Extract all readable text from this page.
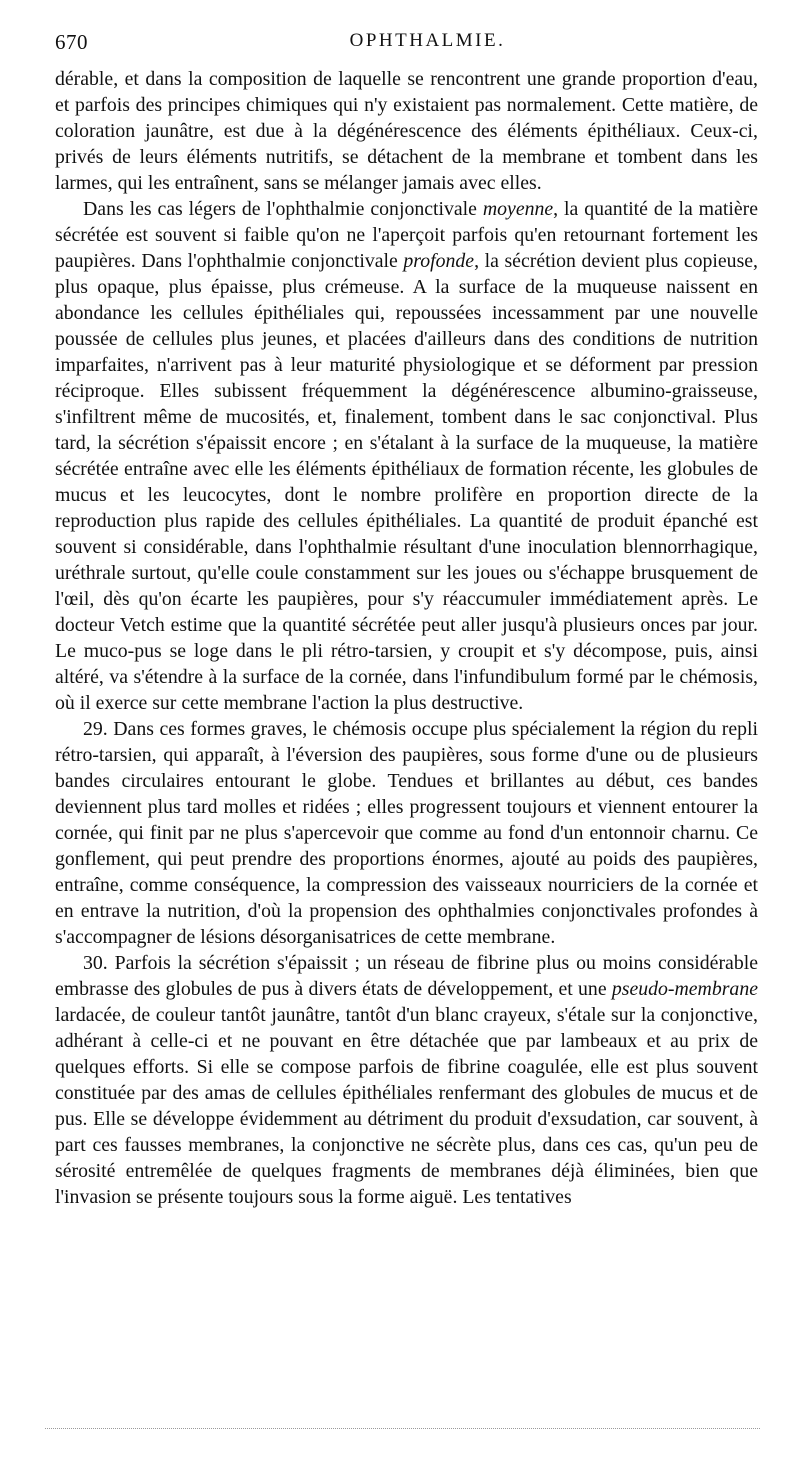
670	OPHTHALMIE.

dérable, et dans la composition de laquelle se rencontrent une grande proportion d'eau, et parfois des principes chimiques qui n'y existaient pas normalement. Cette matière, de coloration jaunâtre, est due à la dégénérescence des éléments épithéliaux. Ceux-ci, privés de leurs éléments nutritifs, se détachent de la membrane et tombent dans les larmes, qui les entraînent, sans se mélanger jamais avec elles.

Dans les cas légers de l'ophthalmie conjonctivale moyenne, la quantité de la matière sécrétée est souvent si faible qu'on ne l'aperçoit parfois qu'en retournant fortement les paupières. Dans l'ophthalmie conjonctivale profonde, la sécrétion devient plus copieuse, plus opaque, plus épaisse, plus crémeuse. A la surface de la muqueuse naissent en abondance les cellules épithéliales qui, repoussées incessamment par une nouvelle poussée de cellules plus jeunes, et placées d'ailleurs dans des conditions de nutrition imparfaites, n'arrivent pas à leur maturité physiologique et se déforment par pression réciproque. Elles subissent fréquemment la dégénérescence albumino-graisseuse, s'infiltrent même de mucosités, et, finalement, tombent dans le sac conjonctival. Plus tard, la sécrétion s'épaissit encore ; en s'étalant à la surface de la muqueuse, la matière sécrétée entraîne avec elle les éléments épithéliaux de formation récente, les globules de mucus et les leucocytes, dont le nombre prolifère en proportion directe de la reproduction plus rapide des cellules épithéliales. La quantité de produit épanché est souvent si considérable, dans l'ophthalmie résultant d'une inoculation blennorrhagique, uréthrale surtout, qu'elle coule constamment sur les joues ou s'échappe brusquement de l'œil, dès qu'on écarte les paupières, pour s'y réaccumuler immédiatement après. Le docteur Vetch estime que la quantité sécrétée peut aller jusqu'à plusieurs onces par jour. Le muco-pus se loge dans le pli rétro-tarsien, y croupit et s'y décompose, puis, ainsi altéré, va s'étendre à la surface de la cornée, dans l'infundibulum formé par le chémosis, où il exerce sur cette membrane l'action la plus destructive.

29. Dans ces formes graves, le chémosis occupe plus spécialement la région du repli rétro-tarsien, qui apparaît, à l'éversion des paupières, sous forme d'une ou de plusieurs bandes circulaires entourant le globe. Tendues et brillantes au début, ces bandes deviennent plus tard molles et ridées ; elles progressent toujours et viennent entourer la cornée, qui finit par ne plus s'apercevoir que comme au fond d'un entonnoir charnu. Ce gonflement, qui peut prendre des proportions énormes, ajouté au poids des paupières, entraîne, comme conséquence, la compression des vaisseaux nourriciers de la cornée et en entrave la nutrition, d'où la propension des ophthalmies conjonctivales profondes à s'accompagner de lésions désorganisatrices de cette membrane.

30. Parfois la sécrétion s'épaissit ; un réseau de fibrine plus ou moins considérable embrasse des globules de pus à divers états de développement, et une pseudo-membrane lardacée, de couleur tantôt jaunâtre, tantôt d'un blanc crayeux, s'étale sur la conjonctive, adhérant à celle-ci et ne pouvant en être détachée que par lambeaux et au prix de quelques efforts. Si elle se compose parfois de fibrine coagulée, elle est plus souvent constituée par des amas de cellules épithéliales renfermant des globules de mucus et de pus. Elle se développe évidemment au détriment du produit d'exsudation, car souvent, à part ces fausses membranes, la conjonctive ne sécrète plus, dans ces cas, qu'un peu de sérosité entremêlée de quelques fragments de membranes déjà éliminées, bien que l'invasion se présente toujours sous la forme aiguë. Les tentatives
